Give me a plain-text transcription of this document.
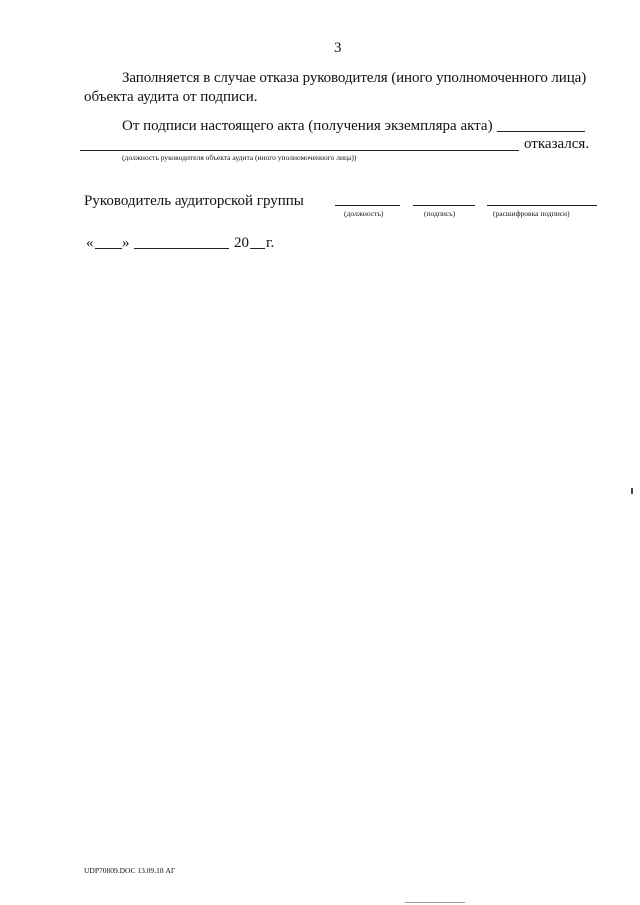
3
Заполняется в случае отказа руководителя (иного уполномоченного лица)
объекта аудита от подписи.
От подписи настоящего акта (получения экземпляра акта)
отказался.
(должность руководителя объекта аудита (иного уполномоченного лица))
Руководитель аудиторской группы
(должность)	(подпись)	(расшифровка подписи)
« »	20 г.
UDP70809.DOC 13.09.18 АГ
